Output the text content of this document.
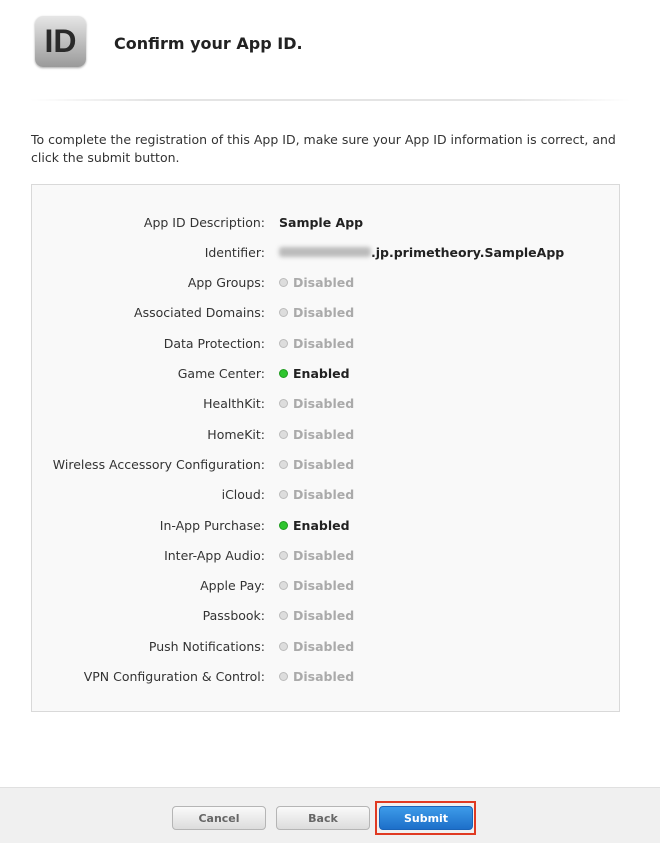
ID	Confirm your App ID.

To complete the registration of this App ID, make sure your App ID information is correct, and click the submit button.

App ID Description: Sample App
Identifier:	.jp.primetheory.SampleApp
App Groups: Disabled
Associated Domains: Disabled
Data Protection: Disabled
Game Center: Enabled
HealthKit: Disabled
HomeKit: Disabled
Wireless Accessory Configuration: Disabled
iCloud: Disabled
In-App Purchase: Enabled
Inter-App Audio: Disabled
Apple Pay: Disabled
Passbook: Disabled
Push Notifications: Disabled
VPN Configuration & Control: Disabled
Cancel	Back	Submit
